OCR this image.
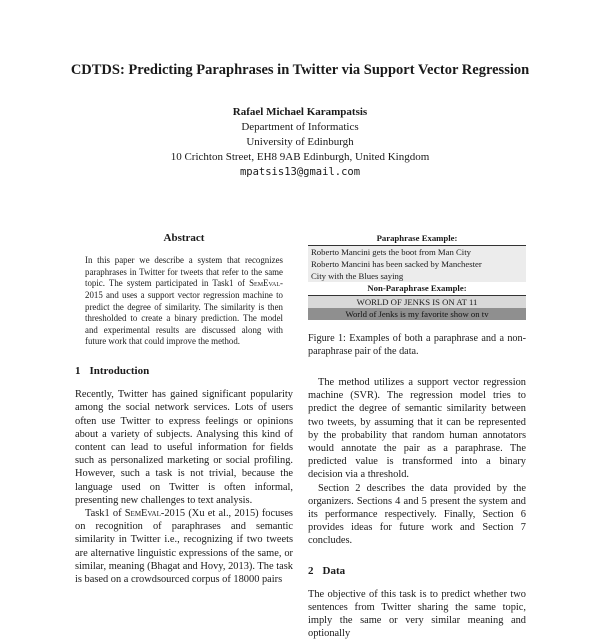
CDTDS: Predicting Paraphrases in Twitter via Support Vector Regression
Rafael Michael Karampatsis
Department of Informatics
University of Edinburgh
10 Crichton Street, EH8 9AB Edinburgh, United Kingdom
mpatsis13@gmail.com
Abstract
In this paper we describe a system that recognizes paraphrases in Twitter for tweets that refer to the same topic. The system participated in Task1 of SemEval-2015 and uses a support vector regression machine to predict the degree of similarity. The similarity is then thresholded to create a binary prediction. The model and experimental results are discussed along with future work that could improve the method.
1 Introduction

Recently, Twitter has gained significant popularity among the social network services. Lots of users often use Twitter to express feelings or opinions about a variety of subjects. Analysing this kind of content can lead to useful information for fields such as personalized marketing or social profiling. However, such a task is not trivial, because the language used on Twitter is often informal, presenting new challenges to text analysis.

Task1 of SemEval-2015 (Xu et al., 2015) focuses on recognition of paraphrases and semantic similarity in Twitter i.e., recognizing if two tweets are alternative linguistic expressions of the same, or similar, meaning (Bhagat and Hovy, 2013). The task is based on a crowdsourced corpus of 18000 pairs

Paraphrase Example:
Roberto Mancini gets the boot from Man City
Roberto Mancini has been sacked by Manchester
City with the Blues saying
Non-Paraphrase Example:
WORLD OF JENKS IS ON AT 11
World of Jenks is my favorite show on tv
Figure 1: Examples of both a paraphrase and a non-paraphrase pair of the data.

The method utilizes a support vector regression machine (SVR). The regression model tries to predict the degree of semantic similarity between two tweets, by assuming that it can be represented by the probability that random human annotators would annotate the pair as a paraphrase. The predicted value is transformed into a binary decision via a threshold.

Section 2 describes the data provided by the organizers. Sections 4 and 5 present the system and its performance respectively. Finally, Section 6 provides ideas for future work and Section 7 concludes.

2 Data

The objective of this task is to predict whether two sentences from Twitter sharing the same topic, imply the same or very similar meaning and optionally
